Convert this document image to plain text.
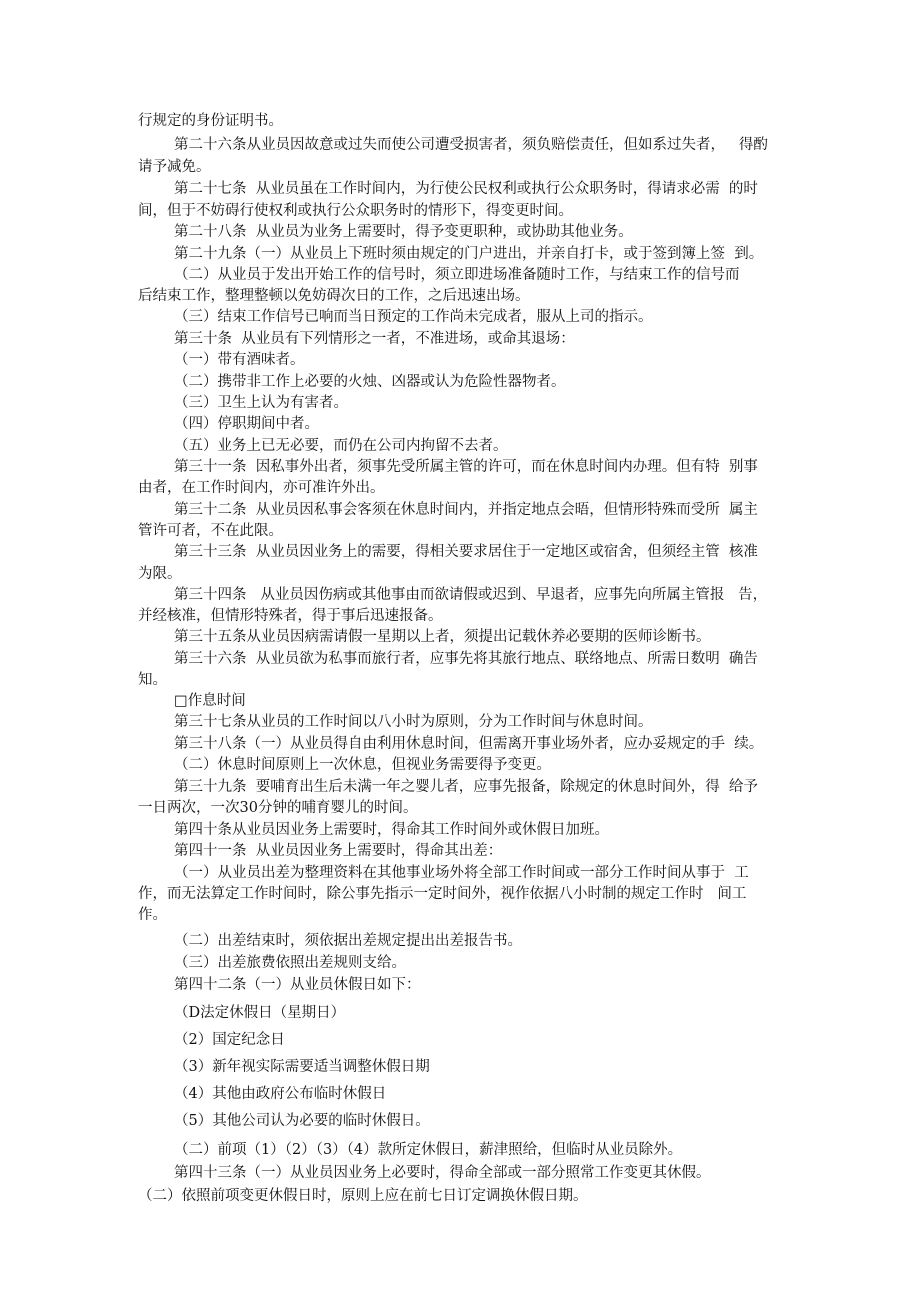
行规定的身份证明书。
第二十六条从业员因故意或过失而使公司遭受损害者，须负赔偿责任，但如系过失者，   得酌
请予减免。
第二十七条  从业员虽在工作时间内，为行使公民权利或执行公众职务时，得请求必需  的时
间，但于不妨碍行使权利或执行公众职务时的情形下，得变更时间。
第二十八条  从业员为业务上需要时，得予变更职种，或协助其他业务。
第二十九条（一）从业员上下班时须由规定的门户进出，并亲自打卡，或于签到簿上签  到。
（二）从业员于发出开始工作的信号时，须立即进场准备随时工作，与结束工作的信号而
后结束工作，整理整顿以免妨碍次日的工作，之后迅速出场。
（三）结束工作信号已响而当日预定的工作尚未完成者，服从上司的指示。
第三十条  从业员有下列情形之一者，不准进场，或命其退场：
（一）带有酒味者。
（二）携带非工作上必要的火烛、凶器或认为危险性器物者。
（三）卫生上认为有害者。
（四）停职期间中者。
（五）业务上已无必要，而仍在公司内拘留不去者。
第三十一条  因私事外出者，须事先受所属主管的许可，而在休息时间内办理。但有特  别事
由者，在工作时间内，亦可准许外出。
第三十二条  从业员因私事会客须在休息时间内，并指定地点会晤，但情形特殊而受所  属主
管许可者，不在此限。
第三十三条  从业员因业务上的需要，得相关要求居住于一定地区或宿舍，但须经主管  核准
为限。
第三十四条   从业员因伤病或其他事由而欲请假或迟到、早退者，应事先向所属主管报   告，
并经核准，但情形特殊者，得于事后迅速报备。
第三十五条从业员因病需请假一星期以上者，须提出记载休养必要期的医师诊断书。
第三十六条  从业员欲为私事而旅行者，应事先将其旅行地点、联络地点、所需日数明  确告
知。
□作息时间
第三十七条从业员的工作时间以八小时为原则，分为工作时间与休息时间。
第三十八条（一）从业员得自由利用休息时间，但需离开事业场外者，应办妥规定的手  续。
（二）休息时间原则上一次休息，但视业务需要得予变更。
第三十九条  要哺育出生后未满一年之婴儿者，应事先报备，除规定的休息时间外，得  给予
一日两次，一次30分钟的哺育婴儿的时间。
第四十条从业员因业务上需要时，得命其工作时间外或休假日加班。
第四十一条  从业员因业务上需要时，得命其出差：
（一）从业员出差为整理资料在其他事业场外将全部工作时间或一部分工作时间从事于  工
作，而无法算定工作时间时，除公事先指示一定时间外，视作依据八小时制的规定工作时   间工
作。
（二）出差结束时，须依据出差规定提出出差报告书。
（三）出差旅费依照出差规则支给。
第四十二条（一）从业员休假日如下：
（D法定休假日（星期日）
（2）国定纪念日
（3）新年视实际需要适当调整休假日期
（4）其他由政府公布临时休假日
（5）其他公司认为必要的临时休假日。
（二）前项（1）（2）（3）（4）款所定休假日，薪津照给，但临时从业员除外。
第四十三条（一）从业员因业务上必要时，得命全部或一部分照常工作变更其休假。
（二）依照前项变更休假日时，原则上应在前七日订定调换休假日期。
